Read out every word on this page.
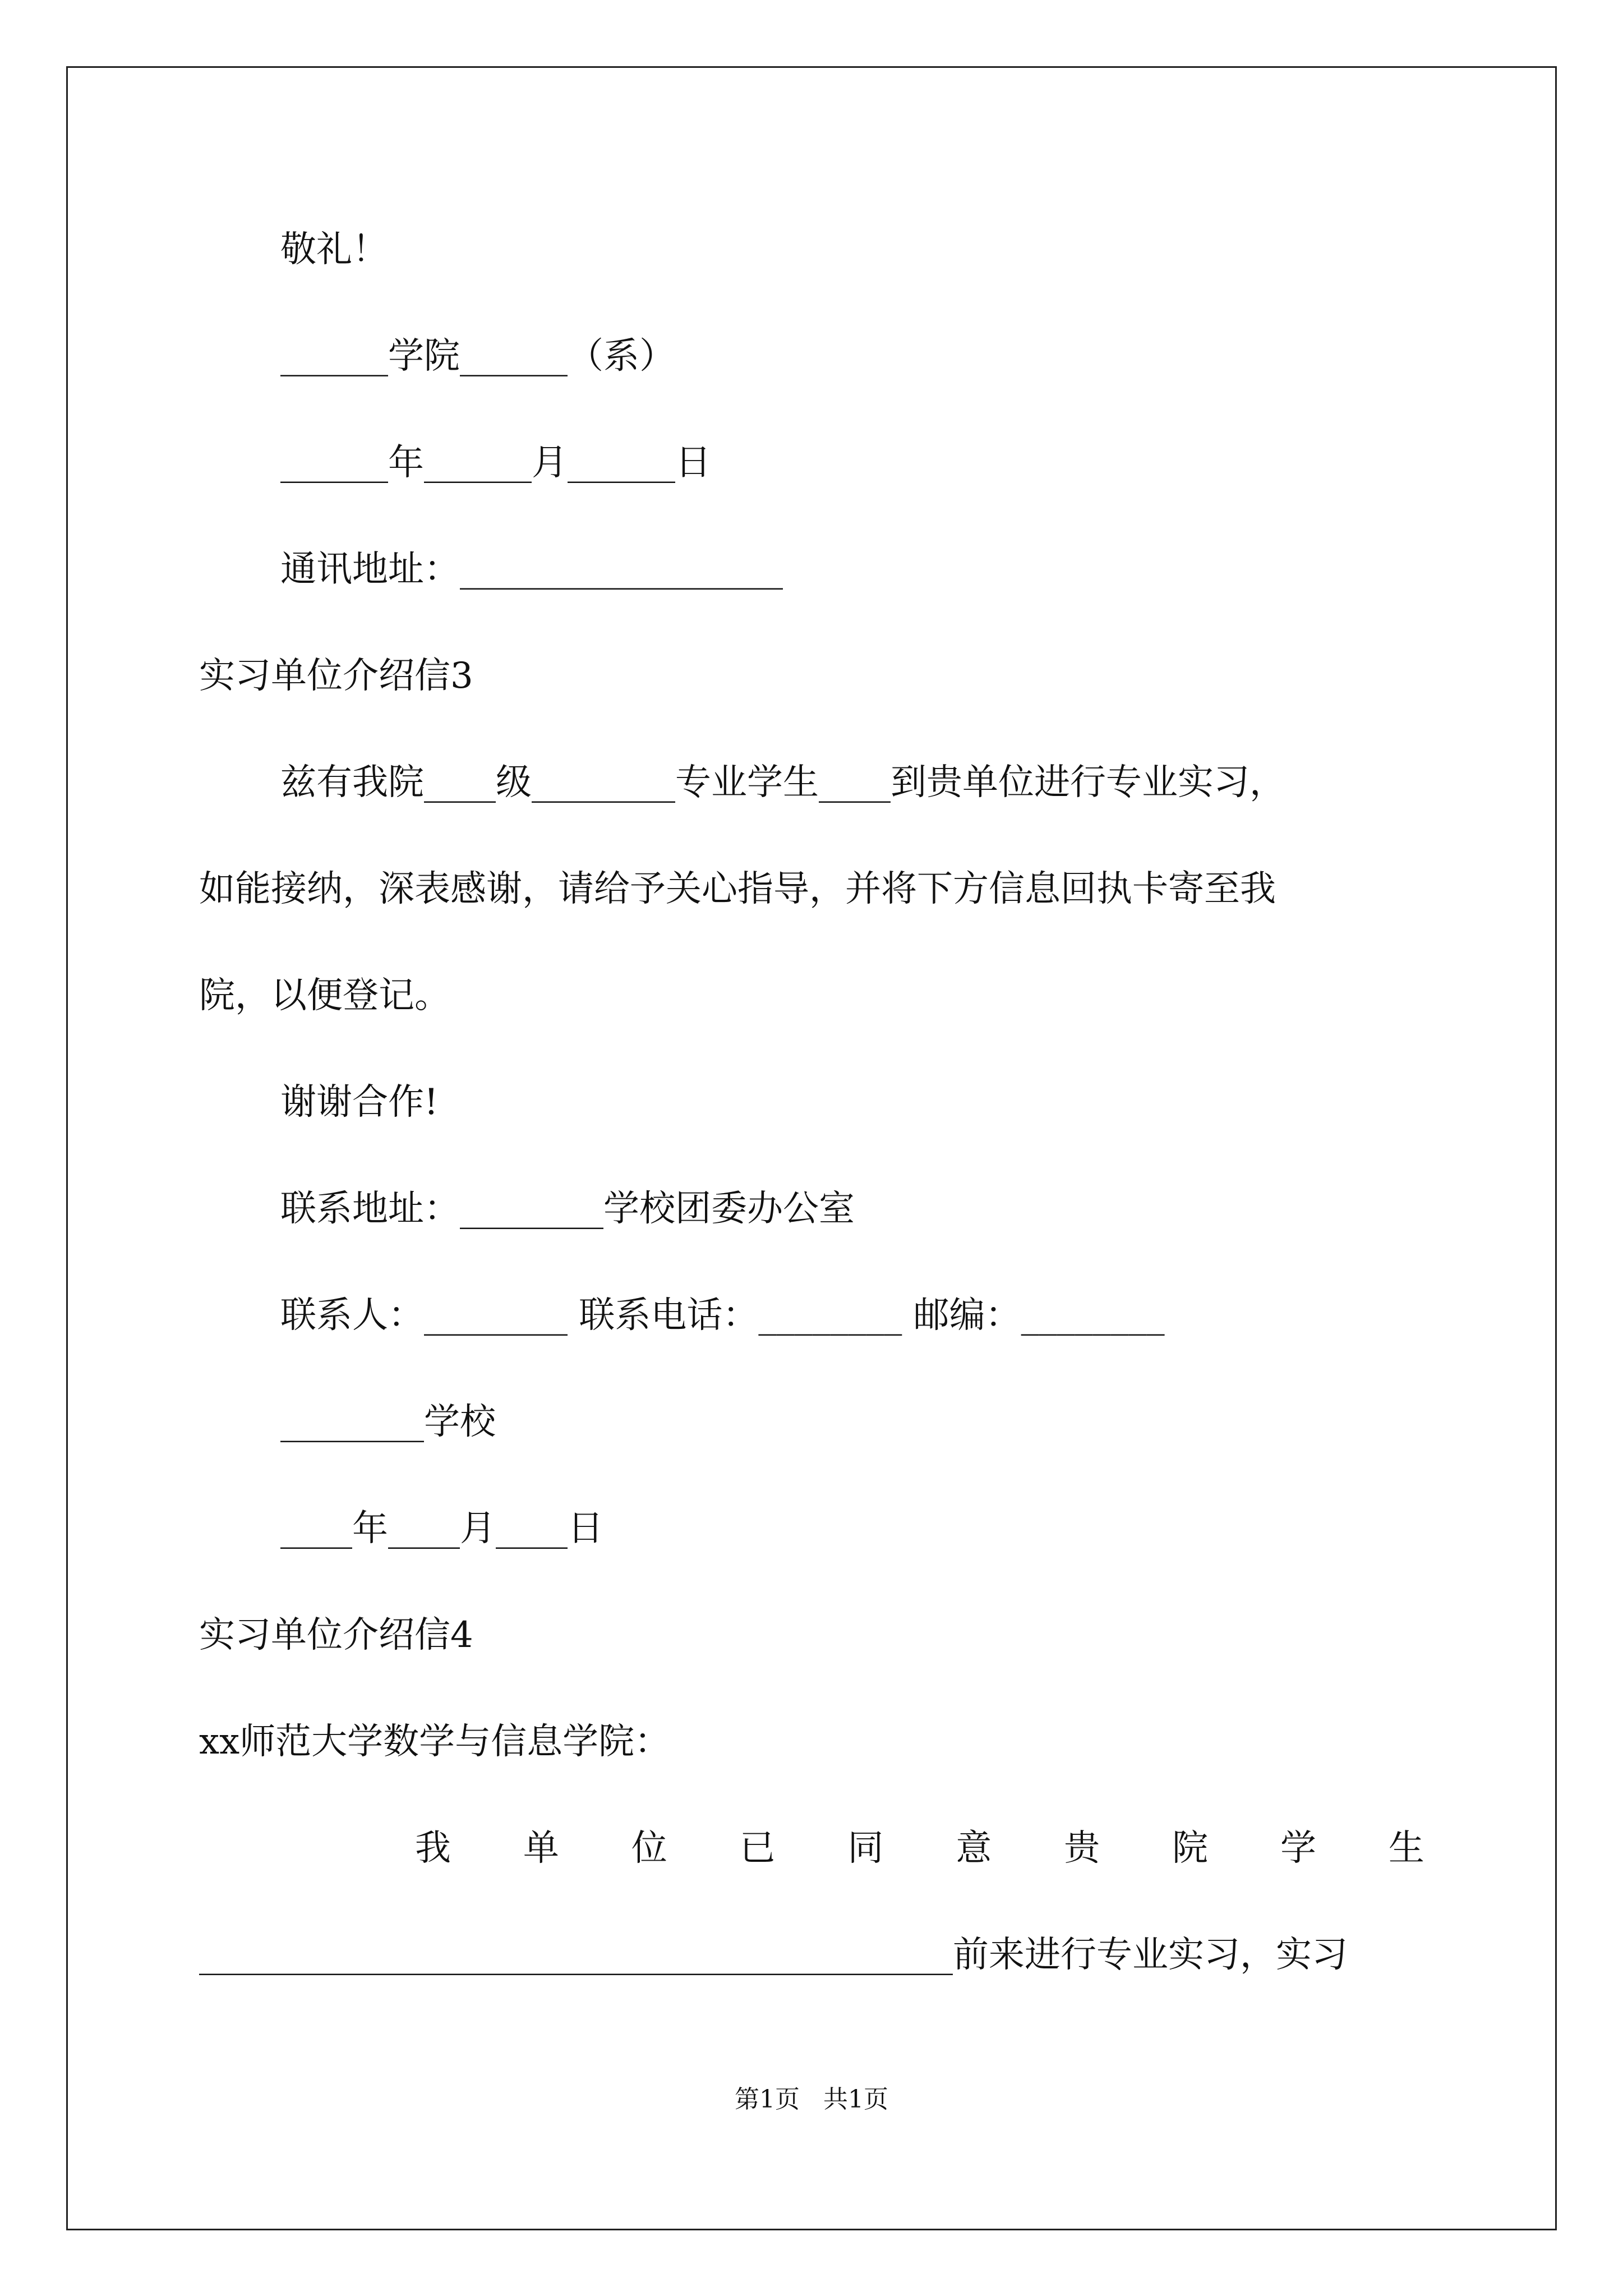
敬礼！
______学院______（系）
______年______月______日
通讯地址：__________________
实习单位介绍信3
兹有我院____级________专业学生____到贵单位进行专业实习，
如能接纳，深表感谢，请给予关心指导，并将下方信息回执卡寄至我
院，以便登记。
谢谢合作!
联系地址：________学校团委办公室
联系人：________ 联系电话：________ 邮编：________
________学校
____年____月____日
实习单位介绍信4
xx师范大学数学与信息学院：
我 单 位 已 同 意 贵 院 学 生
__________________________________________前来进行专业实习，实习
第1页   共1页
